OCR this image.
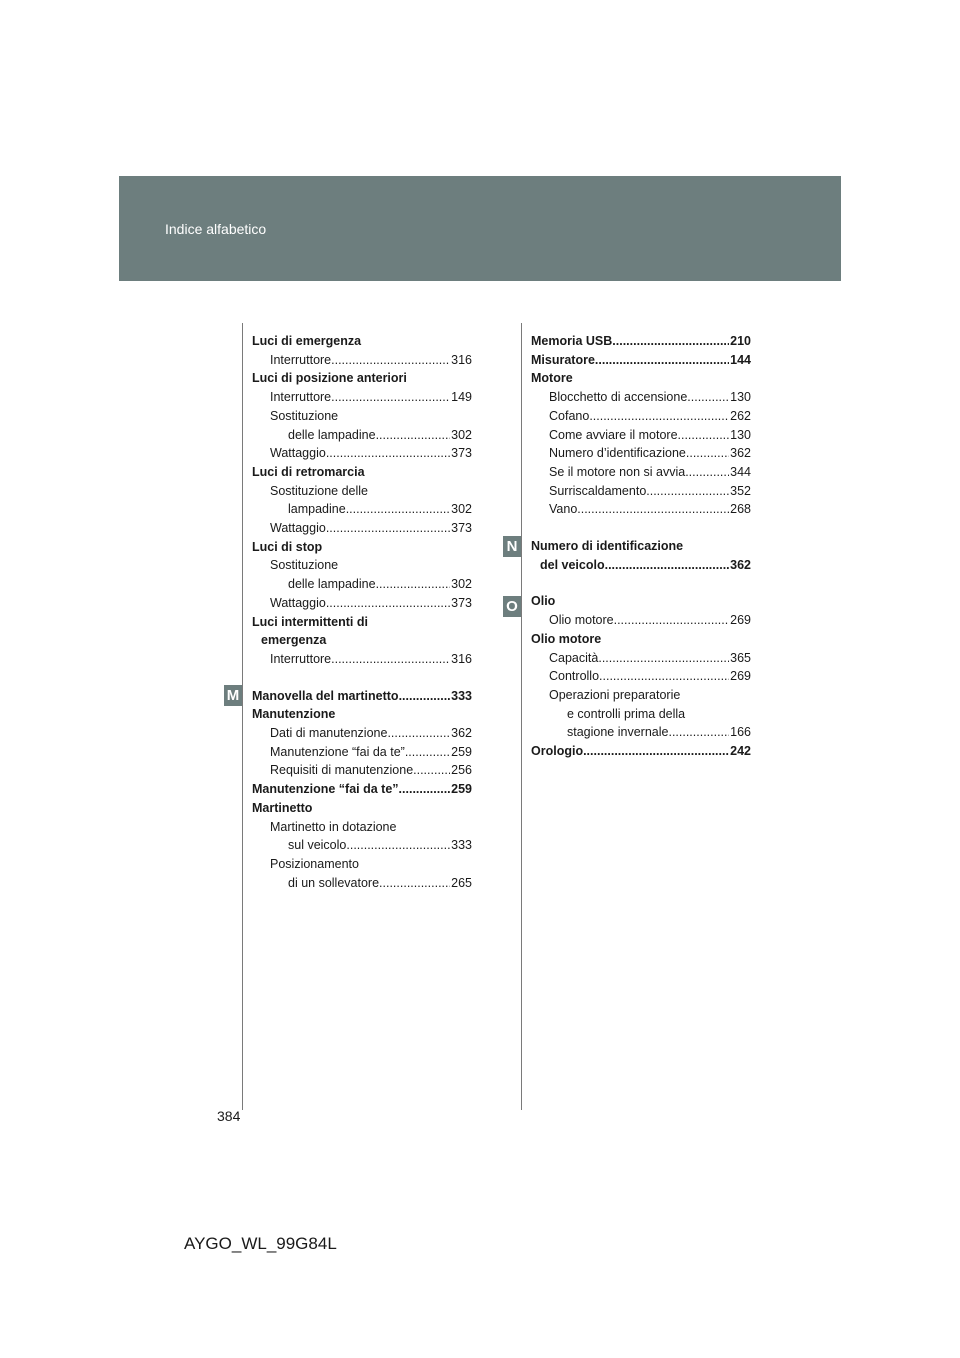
Indice alfabetico
Luci di emergenza
Interruttore .....	316
Luci di posizione anteriori
Interruttore .....	149
Sostituzione
delle lampadine .....	302
Wattaggio .....	373
Luci di retromarcia
Sostituzione delle
lampadine .....	302
Wattaggio .....	373
Luci di stop
Sostituzione
delle lampadine .....	302
Wattaggio .....	373
Luci intermittenti di
emergenza
Interruttore .....	316
Manovella del martinetto .....	333
Manutenzione
Dati di manutenzione .....	362
Manutenzione “fai da te” .....	259
Requisiti di manutenzione .....	256
Manutenzione “fai da te” .....	259
Martinetto
Martinetto in dotazione
sul veicolo .....	333
Posizionamento
di un sollevatore .....	265
Memoria USB .....	210
Misuratore .....	144
Motore
Blocchetto di accensione .....	130
Cofano .....	262
Come avviare il motore .....	130
Numero d’identificazione .....	362
Se il motore non si avvia .....	344
Surriscaldamento .....	352
Vano .....	268
Numero di identificazione
del veicolo .....	362
Olio
Olio motore .....	269
Olio motore
Capacità .....	365
Controllo .....	269
Operazioni preparatorie
e controlli prima della
stagione invernale .....	166
Orologio .....	242
M
N
O
384
AYGO_WL_99G84L
